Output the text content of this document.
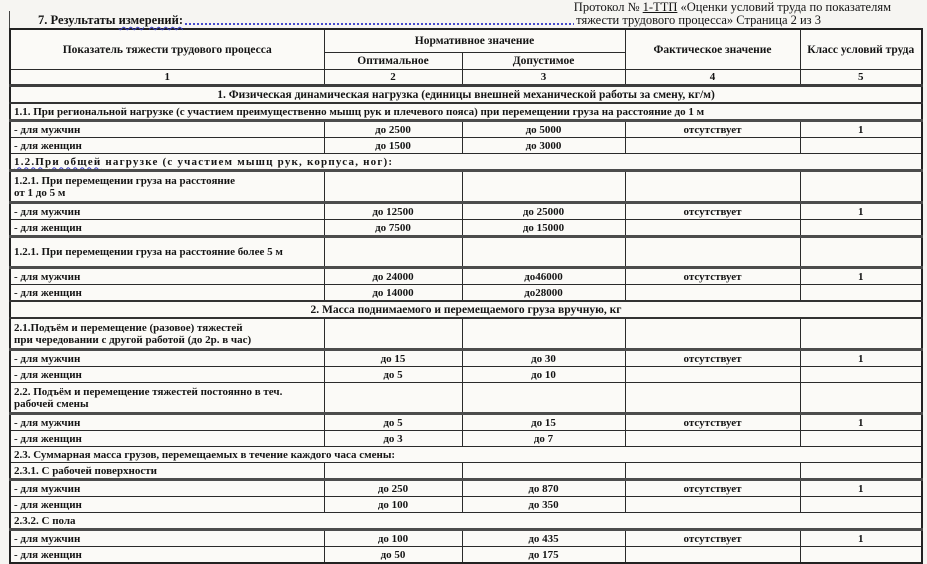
Протокол № 1-ТТП «Оценки условий труда по показателям
7. Результаты измерений:	тяжести трудового процесса» Страница 2 из 3
Показатель тяжести трудового процесса	Нормативное значение		Фактическое значение	Класс условий труда
	Оптимальное	Допустимое		
1	2	3	4	5
1. Физическая динамическая нагрузка (единицы внешней механической работы за смену, кг/м)				
1.1. При региональной нагрузке (с участием преимущественно мышц рук и плечевого пояса) при перемещении груза на расстояние до 1 м				
- для мужчин	до 2500	до 5000	отсутствует	1
- для женщин	до 1500	до 3000		
1.2.При общей нагрузке (с участием мышц рук, корпуса, ног):				

1.2.1. При перемещении груза на расстояние
от 1 до 5 м				

- для мужчин	до 12500	до 25000	отсутствует	1
- для женщин	до 7500	до 15000		
1.2.1. При перемещении груза на расстояние более 5 м				
- для мужчин	до 24000	до46000	отсутствует	1
- для женщин	до 14000	до28000		
2. Масса поднимаемого и перемещаемого груза вручную, кг				

2.1.Подъём и перемещение (разовое) тяжестей
при чередовании с другой работой (до 2р. в час)				

- для мужчин	до 15	до 30	отсутствует	1
- для женщин	до 5	до 10		

2.2. Подъём и перемещение тяжестей постоянно в теч.
рабочей смены				

- для мужчин	до 5	до 15	отсутствует	1
- для женщин	до 3	до 7		
2.3. Суммарная масса грузов, перемещаемых в течение каждого часа смены:				
2.3.1. С рабочей поверхности				
- для мужчин	до 250	до 870	отсутствует	1
- для женщин	до 100	до 350		
2.3.2. С пола				
- для мужчин	до 100	до 435	отсутствует	1
- для женщин	до 50	до 175		
